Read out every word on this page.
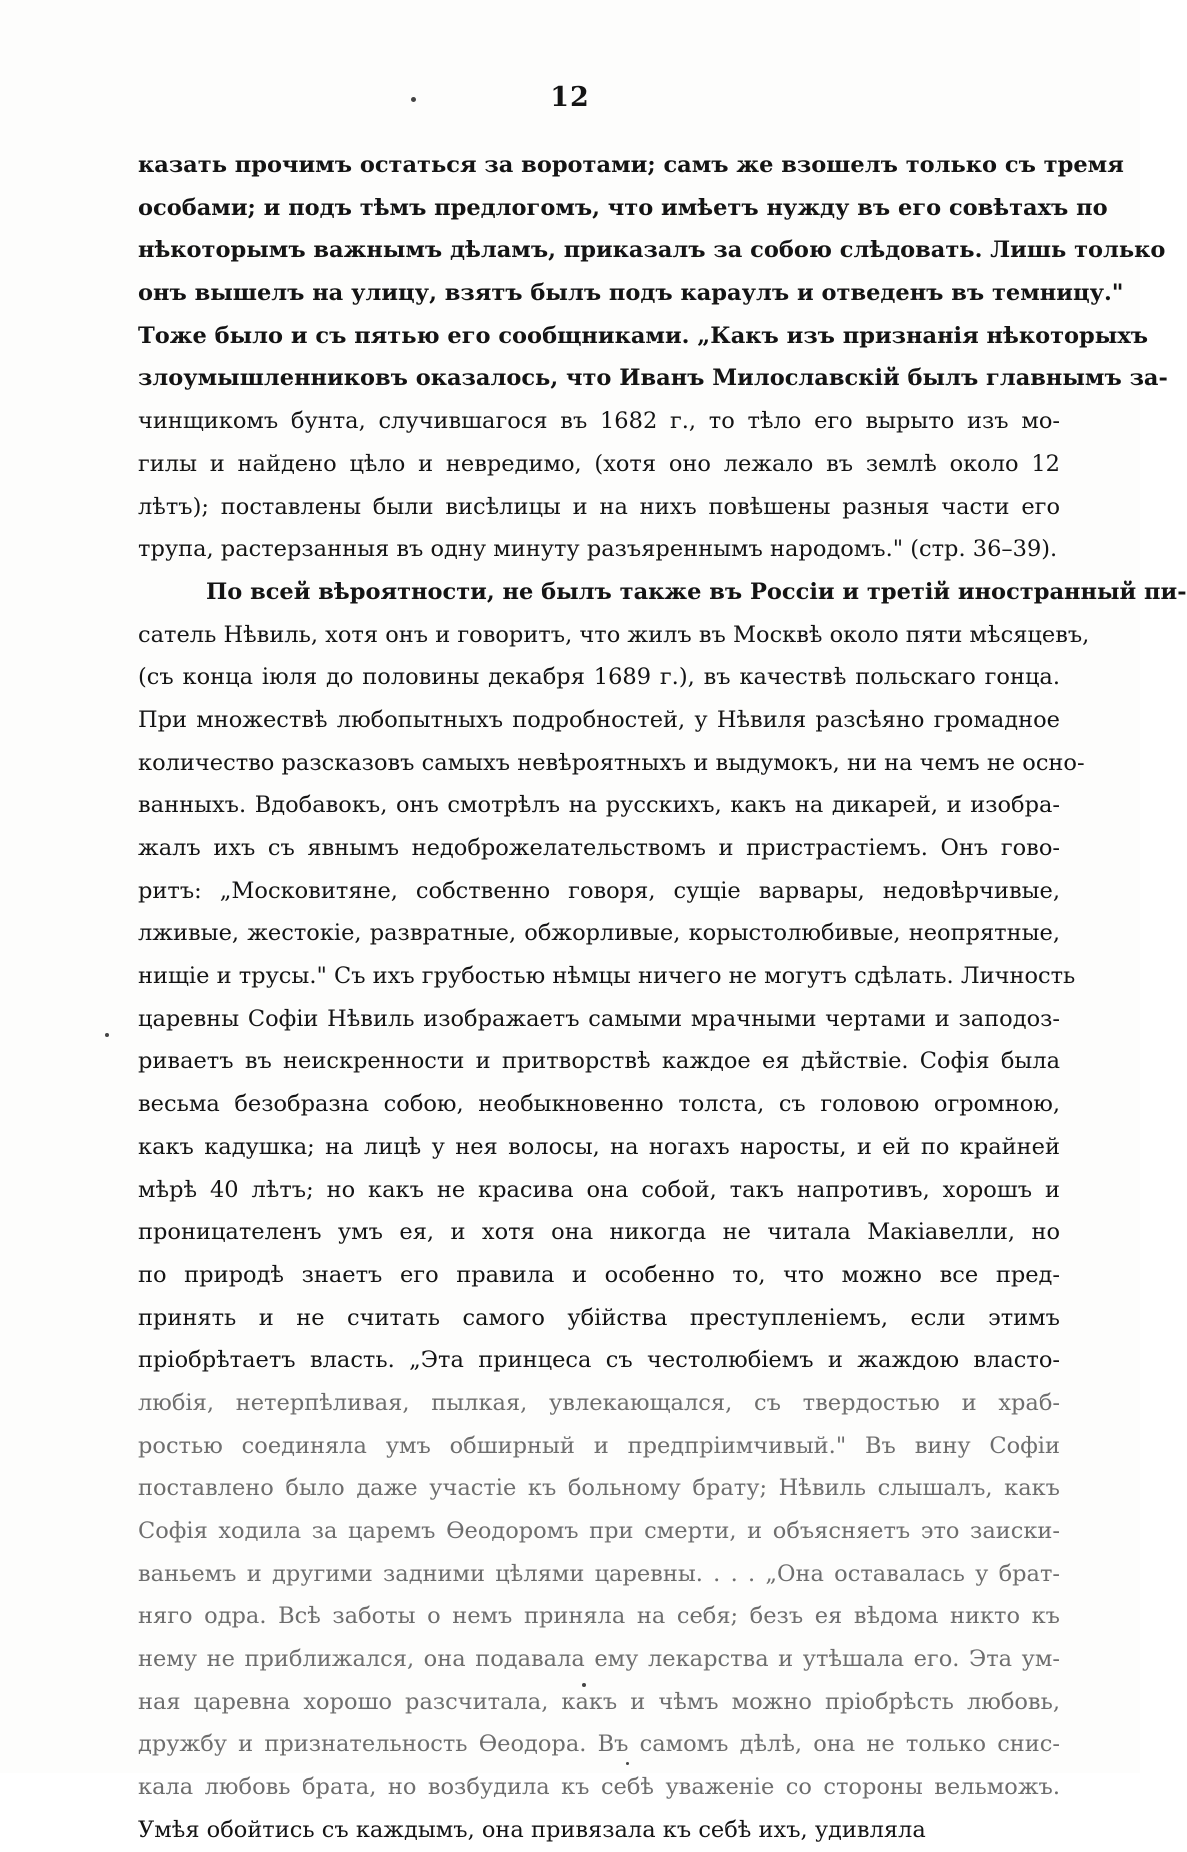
12
казать прочимъ остаться за воротами; самъ же взошелъ только съ тремя
особами; и подъ тѣмъ предлогомъ, что имѣетъ нужду въ его совѣтахъ по
нѣкоторымъ важнымъ дѣламъ, приказалъ за собою слѣдовать. Лишь только
онъ вышелъ на улицу, взятъ былъ подъ караулъ и отведенъ въ темницу."
Тоже было и съ пятью его сообщниками. „Какъ изъ признанія нѣкоторыхъ
злоумышленниковъ оказалось, что Иванъ Милославскій былъ главнымъ за-
чинщикомъ бунта, случившагося въ 1682 г., то тѣло его вырыто изъ мо-
гилы и найдено цѣло и невредимо, (хотя оно лежало въ землѣ около 12
лѣтъ); поставлены были висѣлицы и на нихъ повѣшены разныя части его
трупа, растерзанныя въ одну минуту разъяреннымъ народомъ." (стр. 36–39).
По всей вѣроятности, не былъ также въ Россіи и третій иностранный пи-
сатель Нѣвиль, хотя онъ и говоритъ, что жилъ въ Москвѣ около пяти мѣсяцевъ,
(съ конца іюля до половины декабря 1689 г.), въ качествѣ польскаго гонца.
При множествѣ любопытныхъ подробностей, у Нѣвиля разсѣяно громадное
количество разсказовъ самыхъ невѣроятныхъ и выдумокъ, ни на чемъ не осно-
ванныхъ. Вдобавокъ, онъ смотрѣлъ на русскихъ, какъ на дикарей, и изобра-
жалъ ихъ съ явнымъ недоброжелательствомъ и пристрастіемъ. Онъ гово-
ритъ: „Московитяне, собственно говоря, сущіе варвары, недовѣрчивые,
лживые, жестокіе, развратные, обжорливые, корыстолюбивые, неопрятные,
нищіе и трусы." Съ ихъ грубостью нѣмцы ничего не могутъ сдѣлать. Личность
царевны Софіи Нѣвиль изображаетъ самыми мрачными чертами и заподоз-
риваетъ въ неискренности и притворствѣ каждое ея дѣйствіе. Софія была
весьма безобразна собою, необыкновенно толста, съ головою огромною,
какъ кадушка; на лицѣ у нея волосы, на ногахъ наросты, и ей по крайней
мѣрѣ 40 лѣтъ; но какъ не красива она собой, такъ напротивъ, хорошъ и
проницателенъ умъ ея, и хотя она никогда не читала Макіавелли, но
по природѣ знаетъ его правила и особенно то, что можно все пред-
принять и не считать самого убійства преступленіемъ, если этимъ
пріобрѣтаетъ власть. „Эта принцеса съ честолюбіемъ и жаждою власто-
любія, нетерпѣливая, пылкая, увлекающался, съ твердостью и храб-
ростью соединяла умъ обширный и предпріимчивый." Въ вину Софіи
поставлено было даже участіе къ больному брату; Нѣвиль слышалъ, какъ
Софія ходила за царемъ Ѳеодоромъ при смерти, и объясняетъ это заиски-
ваньемъ и другими задними цѣлями царевны. . . . „Она оставалась у брат-
няго одра. Всѣ заботы о немъ приняла на себя; безъ ея вѣдома никто къ
нему не приближался, она подавала ему лекарства и утѣшала его. Эта ум-
ная царевна хорошо разсчитала, какъ и чѣмъ можно пріобрѣсть любовь,
дружбу и признательность Ѳеодора. Въ самомъ дѣлѣ, она не только снис-
кала любовь брата, но возбудила къ себѣ уваженіе со стороны вельможъ.
Умѣя обойтись съ каждымъ, она привязала къ себѣ ихъ, удивляла
